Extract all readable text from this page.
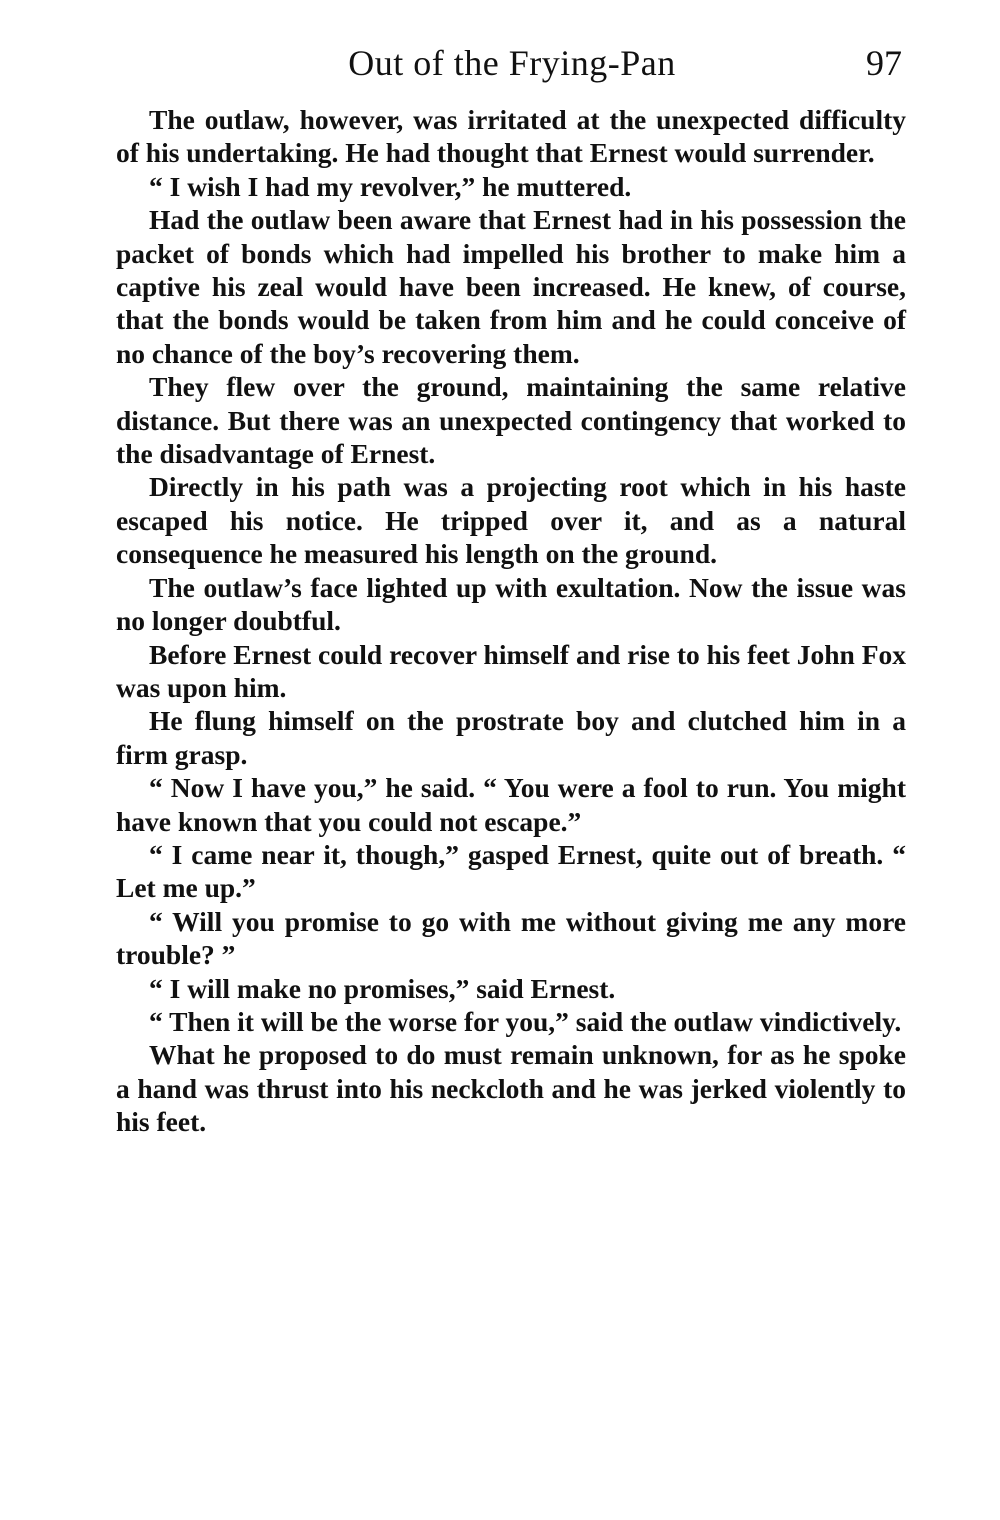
Out of the Frying-Pan	97

The outlaw, however, was irritated at the unexpected difficulty of his undertaking. He had thought that Ernest would surrender.

“ I wish I had my revolver,” he muttered.

Had the outlaw been aware that Ernest had in his possession the packet of bonds which had impelled his brother to make him a captive his zeal would have been increased. He knew, of course, that the bonds would be taken from him and he could conceive of no chance of the boy’s recovering them.

They flew over the ground, maintaining the same relative distance. But there was an unexpected contingency that worked to the disadvantage of Ernest.

Directly in his path was a projecting root which in his haste escaped his notice. He tripped over it, and as a natural consequence he measured his length on the ground.

The outlaw’s face lighted up with exultation. Now the issue was no longer doubtful.

Before Ernest could recover himself and rise to his feet John Fox was upon him.

He flung himself on the prostrate boy and clutched him in a firm grasp.

“ Now I have you,” he said. “ You were a fool to run. You might have known that you could not escape.”

“ I came near it, though,” gasped Ernest, quite out of breath. “ Let me up.”

“ Will you promise to go with me without giving me any more trouble? ”

“ I will make no promises,” said Ernest.

“ Then it will be the worse for you,” said the outlaw vindictively.

What he proposed to do must remain unknown, for as he spoke a hand was thrust into his neckcloth and he was jerked violently to his feet.
